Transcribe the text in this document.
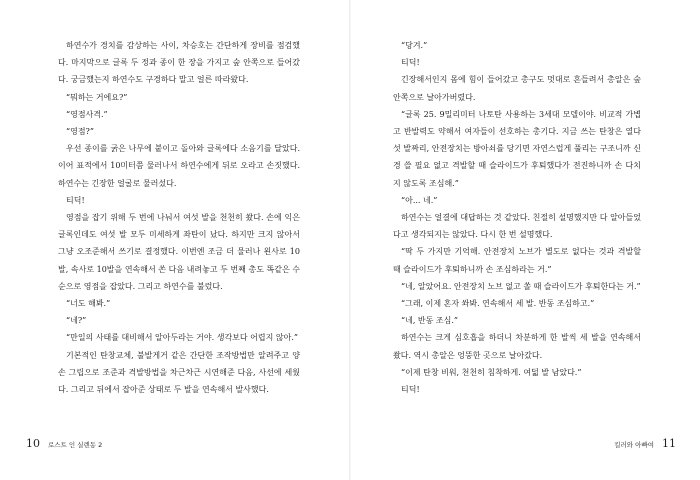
하연수가 경치를 감상하는 사이, 차승호는 간단하게 장비를 점검했다. 마지막으로 글록 두 정과 종이 한 장을 가지고 숲 안쪽으로 들어갔다. 궁금했는지 하연수도 구경하다 말고 얼른 따라왔다.

“뭐하는 거에요?”

“영점사격.”

“영점?”

우선 종이를 굵은 나무에 붙이고 돌아와 글록에다 소음기를 달았다. 이어 표적에서 10미터쯤 물러나서 하연수에게 뒤로 오라고 손짓했다. 하연수는 긴장한 얼굴로 물러섰다.

티딕!

영점을 잡기 위해 두 번에 나눠서 여섯 발을 천천히 쐈다. 손에 익은 글록인데도 여섯 발 모두 미세하게 좌탄이 났다. 하지만 크지 않아서 그냥 오조준해서 쓰기로 결정했다. 이번엔 조금 더 물러나 왼사로 10발, 속사로 10발을 연속해서 쏜 다음 내려놓고 두 번째 총도 똑같은 수순으로 영점을 잡았다. 그리고 하연수를 불렀다.

“너도 해봐.”

“네?”

“만일의 사태를 대비해서 알아두라는 거야. 생각보다 어렵지 않아.”

기본적인 탄창교체, 불발게거 같은 간단한 조작방법만 알려주고 양손 그립으로 조준과 격발방법을 차근차근 시연해준 다음, 사선에 세웠다. 그리고 뒤에서 잡아준 상태로 두 발을 연속해서 발사했다.

10 로스트 인 실렌동 2

“당겨.”

티딕!

긴장해서인지 몸에 힘이 들어갔고 총구도 멋대로 흔들려서 총알은 숲 안쪽으로 날아가버렸다.

“글록 25. 9밀리미터 나토탄 사용하는 3세대 모델이야. 비교적 가볍고 반발력도 약해서 여자들이 선호하는 총기다. 지금 쓰는 탄창은 열다섯 발짜리, 안전장치는 방아쇠를 당기면 자연스럽게 풀리는 구조니까 신경 쓸 필요 없고 격발할 때 슬라이드가 후퇴했다가 전진하니까 손 다치지 않도록 조심해.”

“아... 네.”

하연수는 얼결에 대답하는 것 같았다. 친절히 설명했지만 다 알아들었다고 생각되지는 않았다. 다시 한 번 설명했다.

“딱 두 가지만 기억해. 안전장치 노브가 별도로 없다는 것과 격발할 때 슬라이드가 후퇴하니까 손 조심하라는 거.”

“네, 알았어요. 안전장치 노브 없고 쏠 때 슬라이드가 후퇴한다는 거.”

“그래, 이제 혼자 쏴봐. 연속해서 세 발. 반동 조심하고.”

“네, 반동 조심.”

하연수는 크게 심호흡을 하더니 차분하게 한 발씩 세 발을 연속해서 쐈다. 역시 총알은 엉뚱한 곳으로 날아갔다.

“이제 탄창 비워, 천천히 침착하게. 여덟 발 남았다.”

티딕!

킬러와 아빠여 11
